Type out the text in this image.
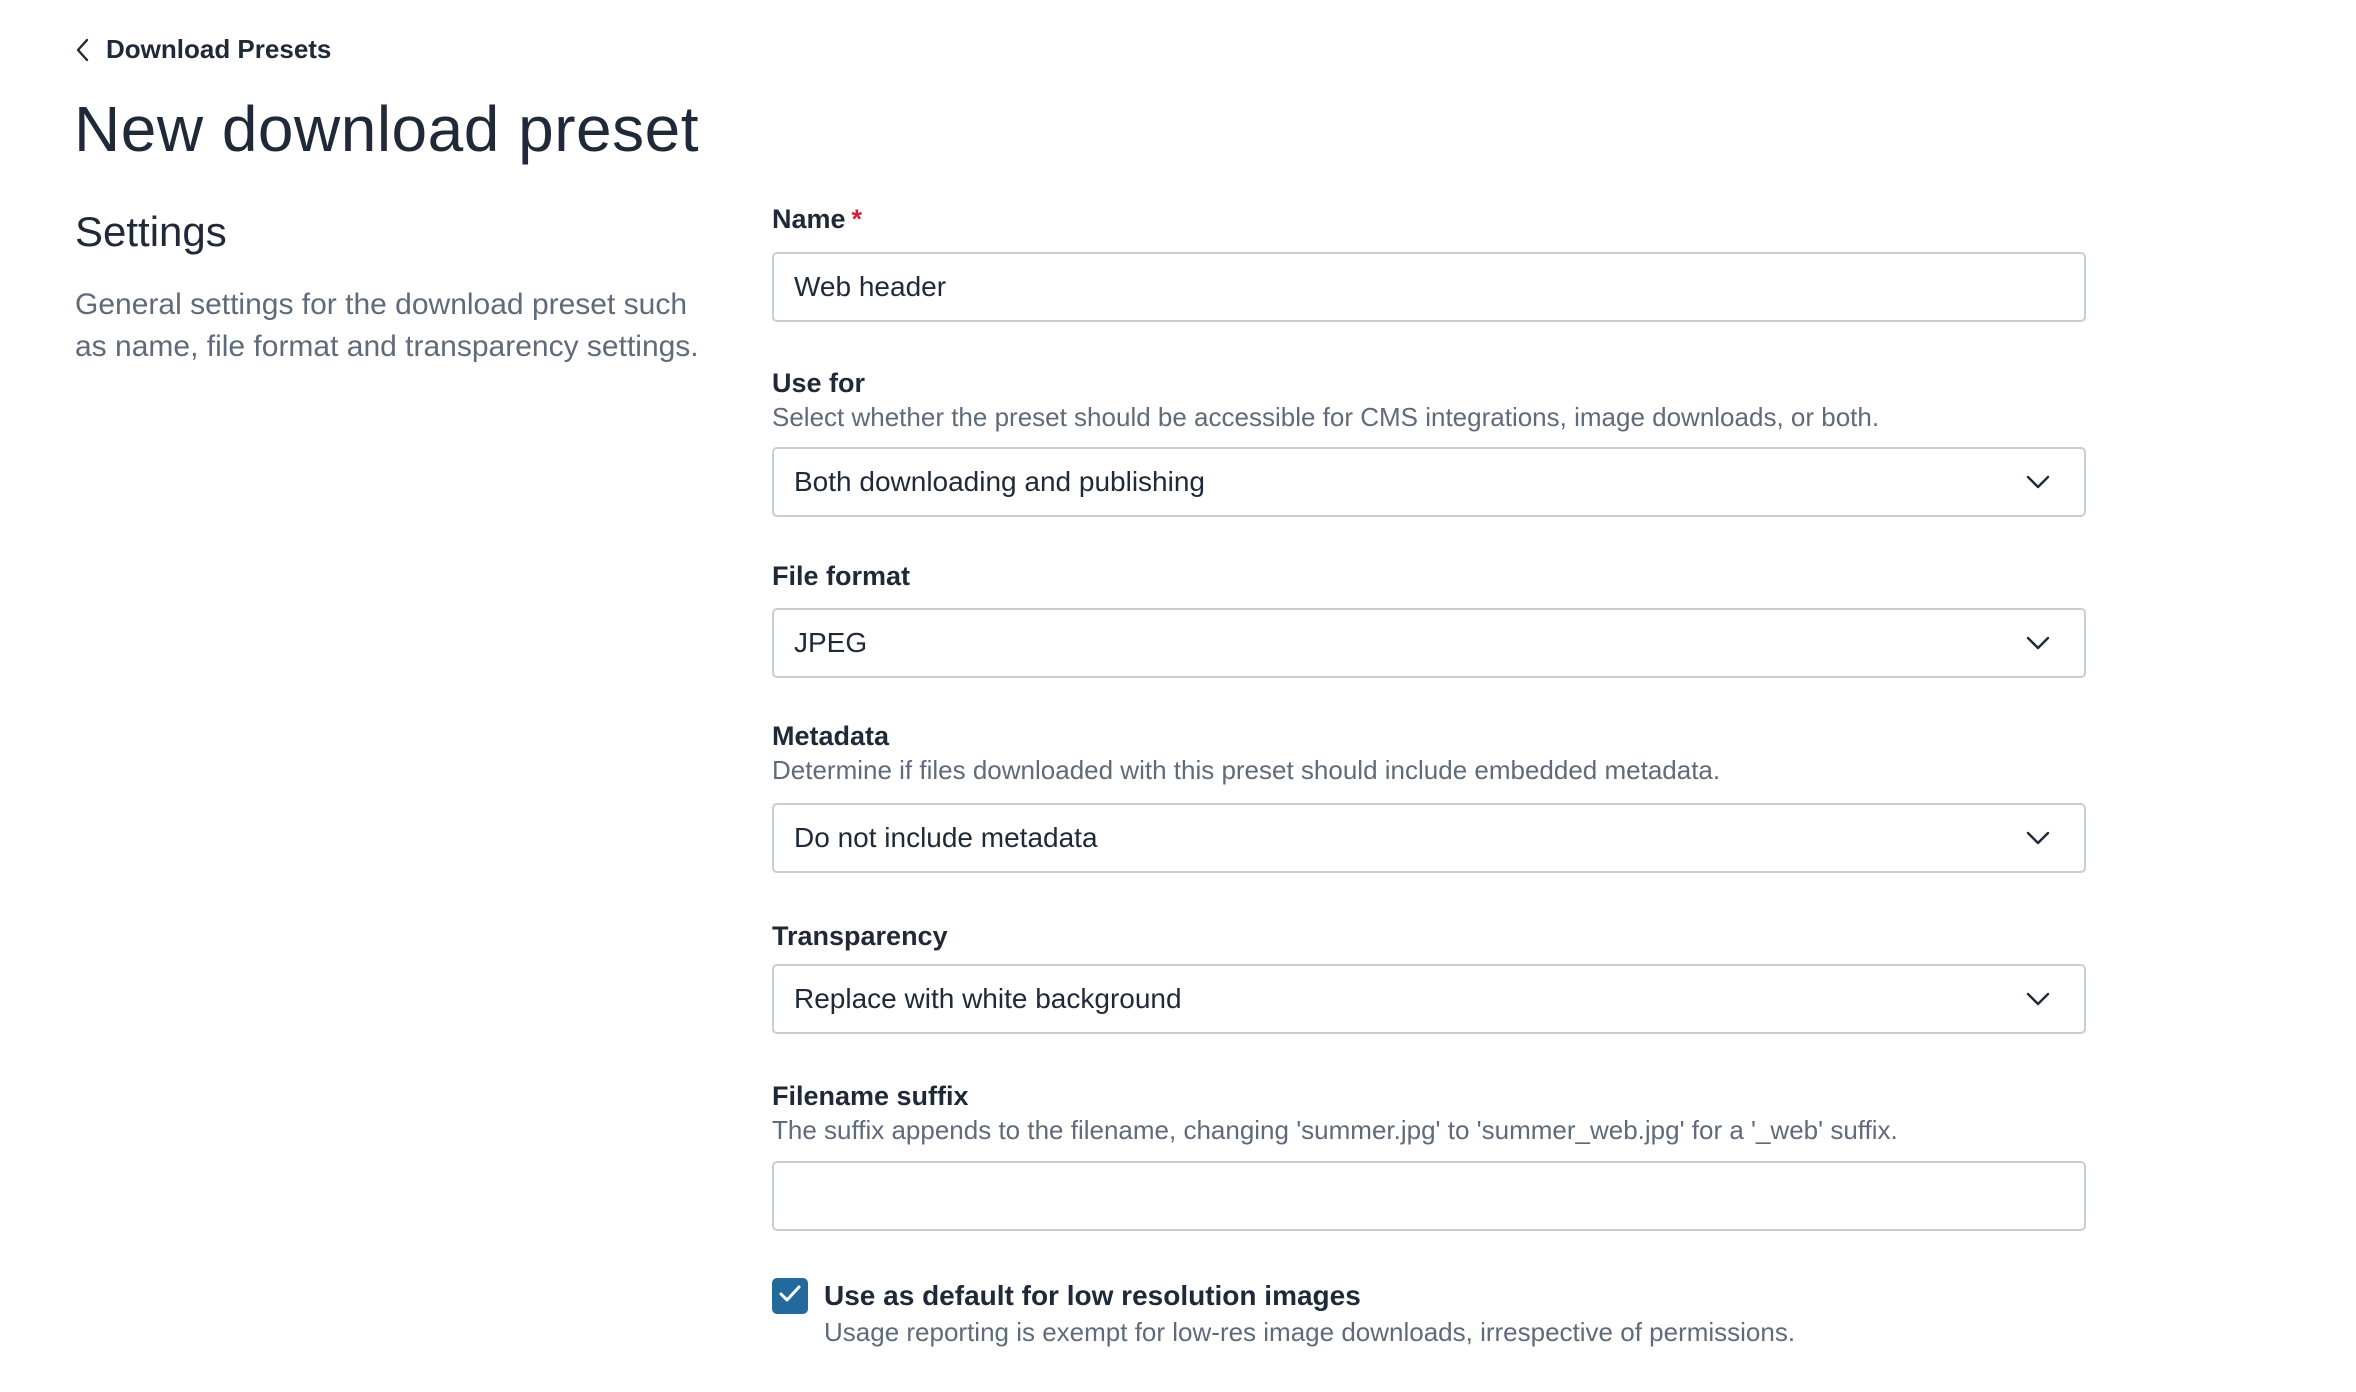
Download Presets
New download preset
Settings

General settings for the download preset such as name, file format and transparency settings.

Name *
Web header
Use for
Select whether the preset should be accessible for CMS integrations, image downloads, or both.
Both downloading and publishing
File format
JPEG
Metadata
Determine if files downloaded with this preset should include embedded metadata.
Do not include metadata
Transparency
Replace with white background
Filename suffix
The suffix appends to the filename, changing 'summer.jpg' to 'summer_web.jpg' for a '_web' suffix.
Use as default for low resolution images
Usage reporting is exempt for low-res image downloads, irrespective of permissions.
